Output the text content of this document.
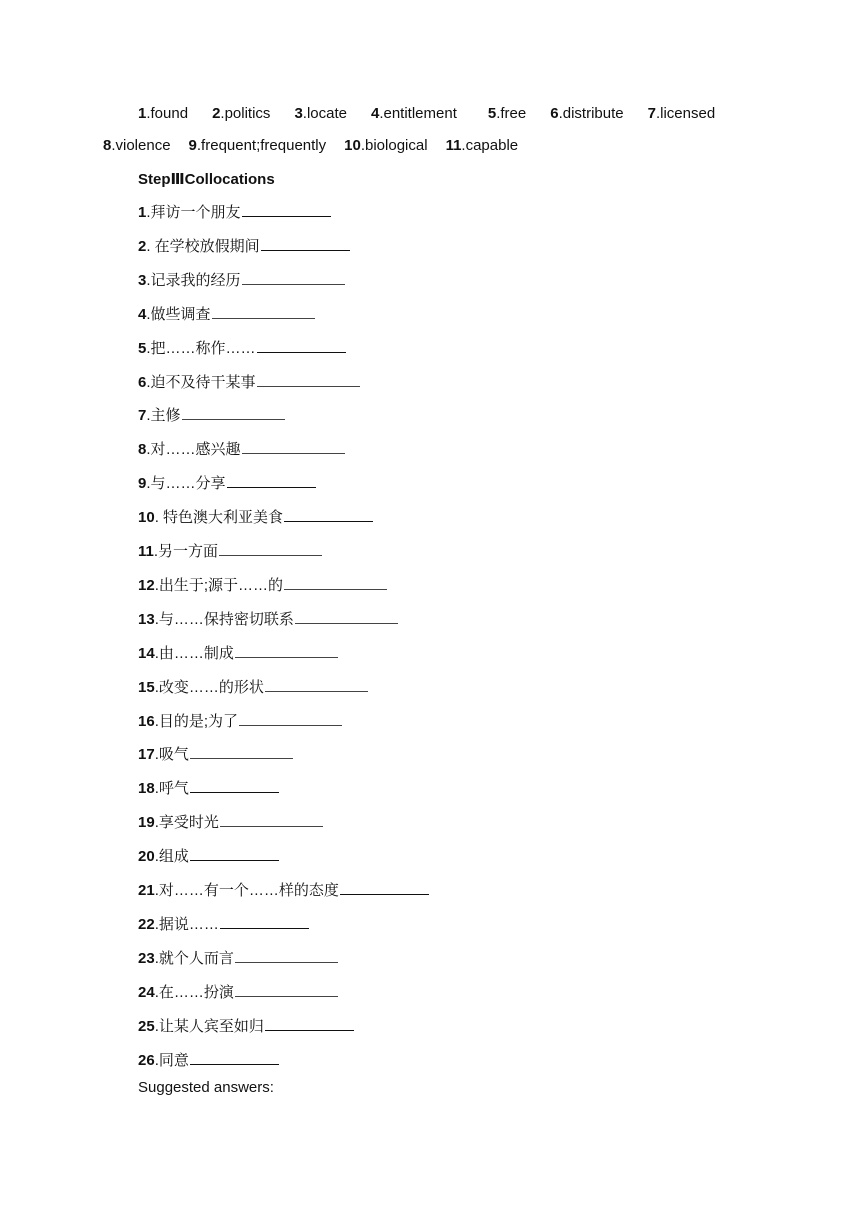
1.found 2.politics 3.locate 4.entitlement 5.free 6.distribute 7.licensed
8.violence 9.frequent;frequently 10.biological 11.capable
StepⅢCollocations
1.拜访一个朋友
2. 在学校放假期间
3.记录我的经历
4.做些调查
5.把……称作……
6.迫不及待干某事
7.主修
8.对……感兴趣
9.与……分享
10. 特色澳大利亚美食
11.另一方面
12.出生于;源于……的
13.与……保持密切联系
14.由……制成
15.改变……的形状
16.目的是;为了
17.吸气
18.呼气
19.享受时光
20.组成
21.对……有一个……样的态度
22.据说……
23.就个人而言
24.在……扮演
25.让某人宾至如归
26.同意
Suggested answers:
